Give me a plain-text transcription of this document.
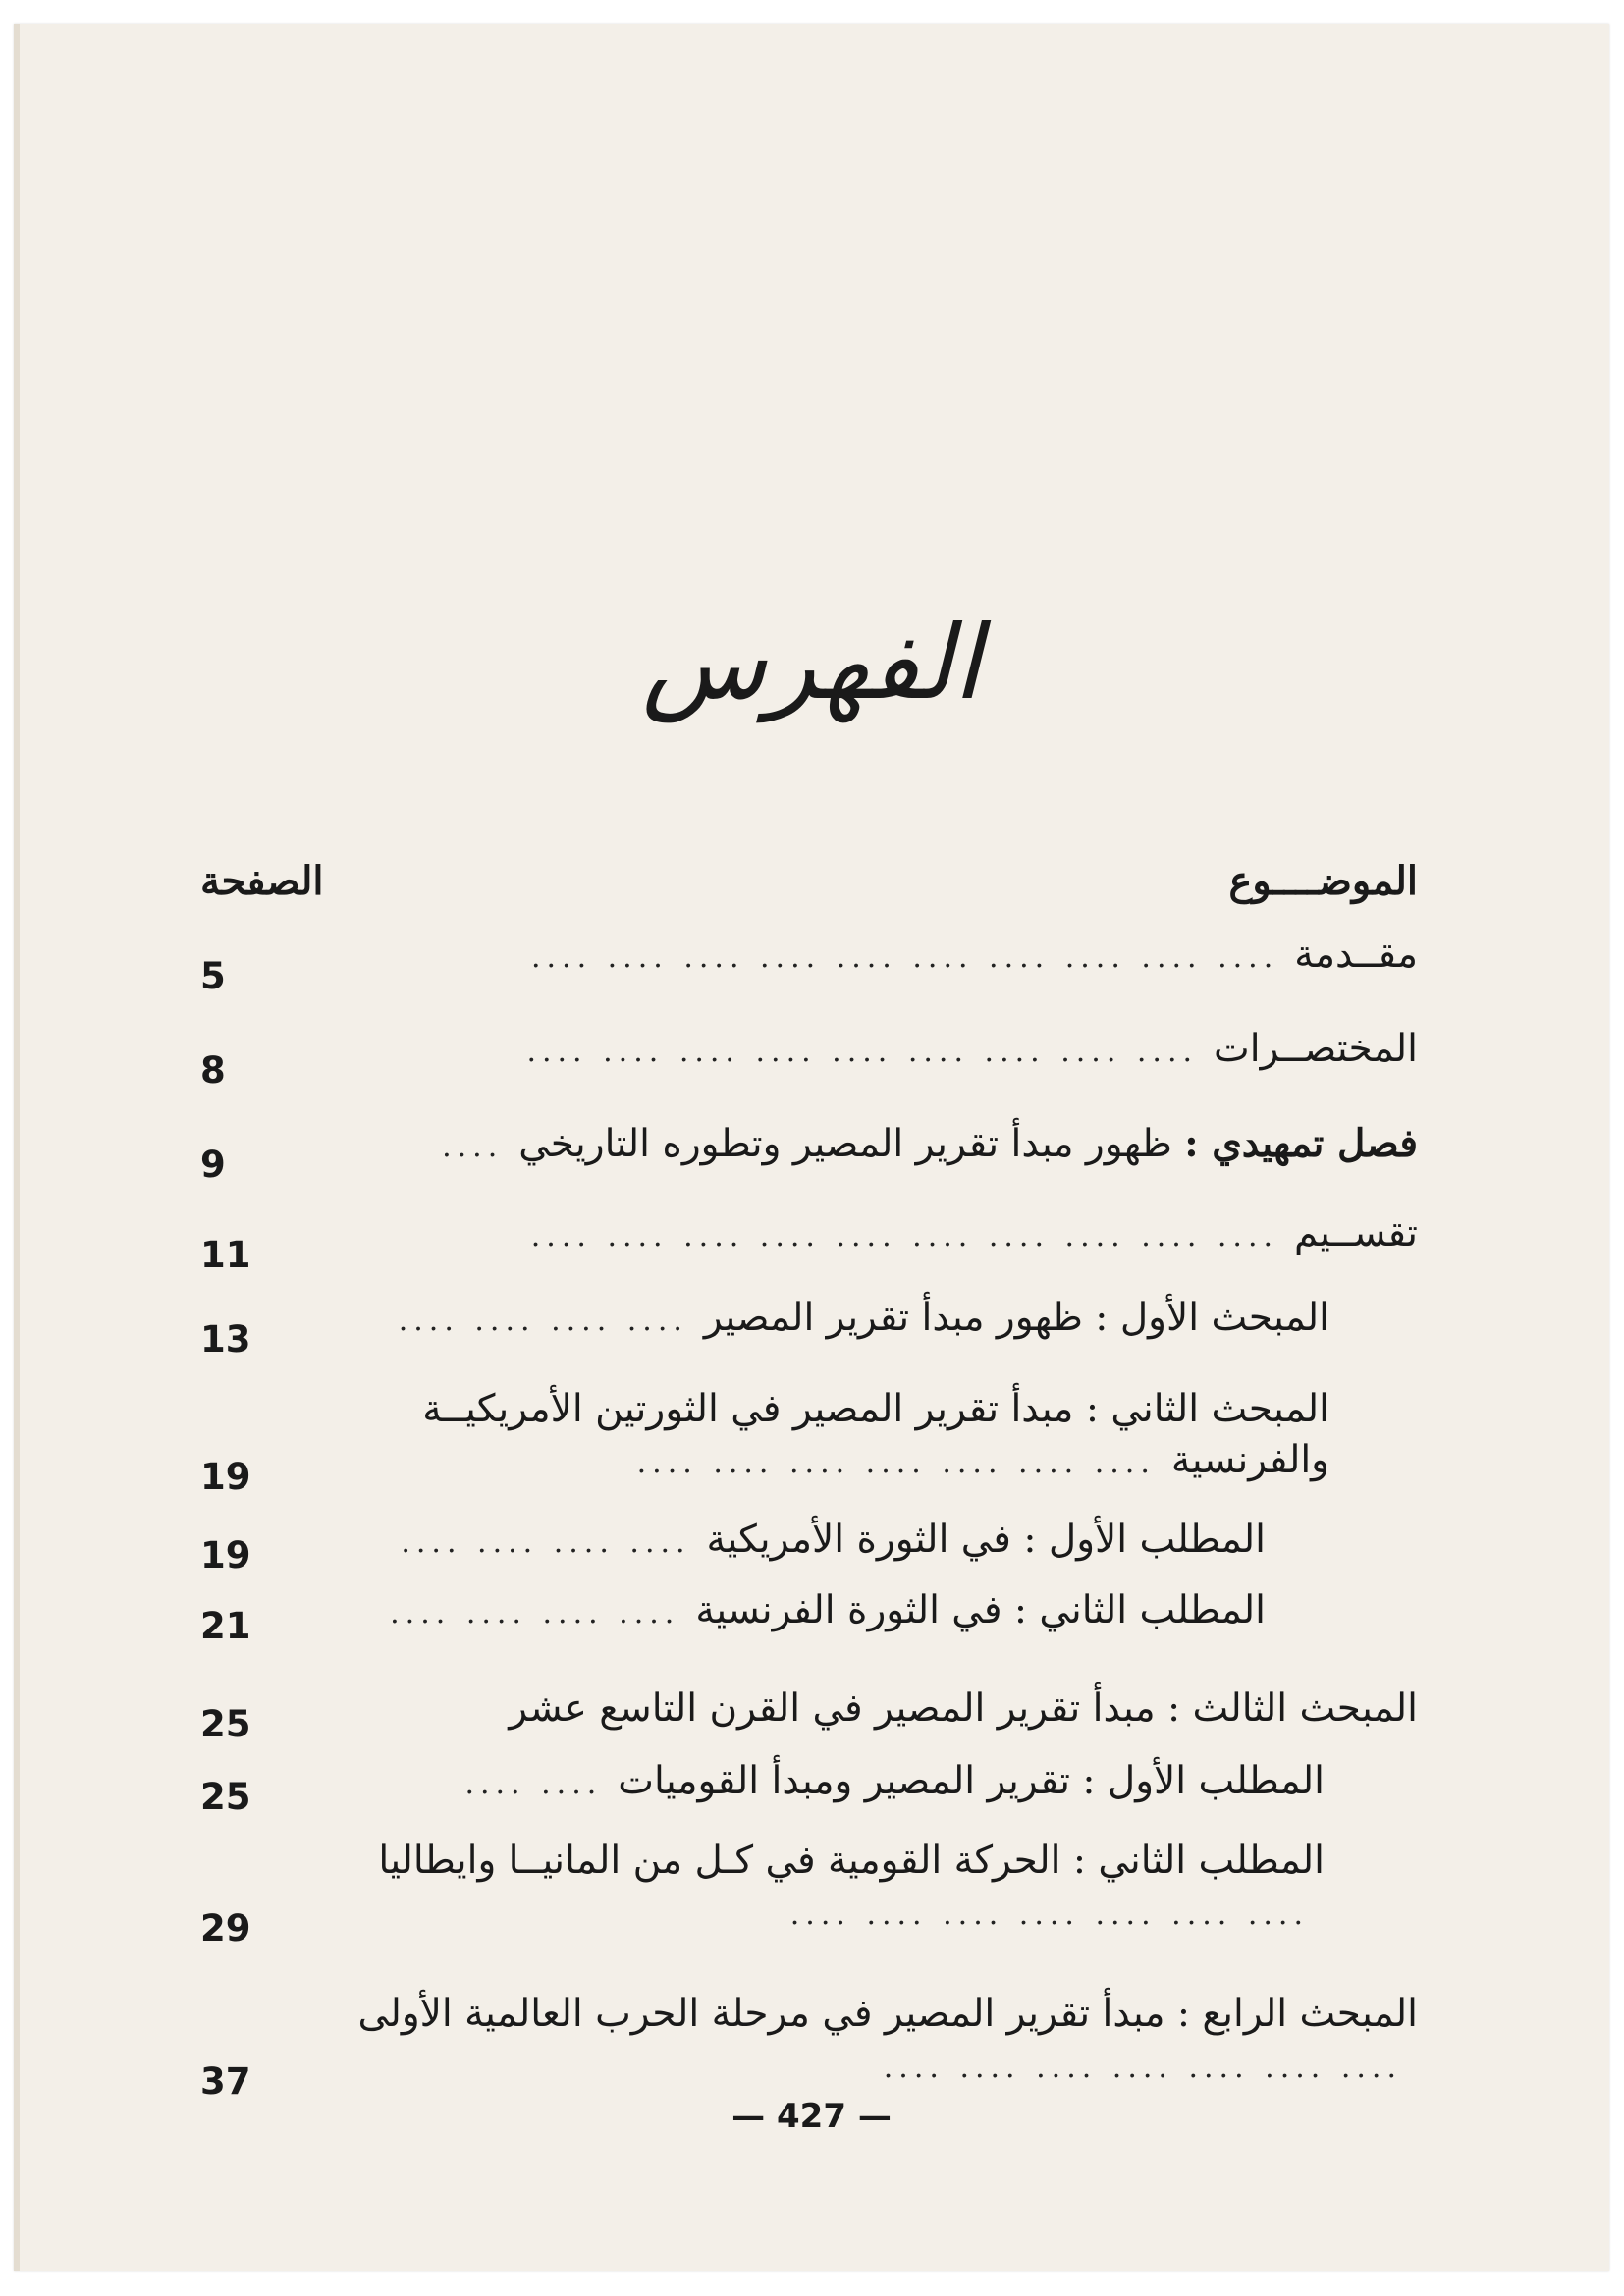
الفهرس
الموضــــوع
الصفحة
مقــدمة.... .... .... .... .... .... .... .... .... ....
5
المختصــرات.... .... .... .... .... .... .... .... ....
8
فصل تمهيدي : ظهور مبدأ تقرير المصير وتطوره التاريخي....
9
تقســيم.... .... .... .... .... .... .... .... .... ....
11
المبحث الأول : ظهور مبدأ تقرير المصير.... .... .... ....
13
المبحث الثاني : مبدأ تقرير المصير في الثورتين الأمريكيــة والفرنسية.... .... .... .... .... .... ....
19
المطلب الأول : في الثورة الأمريكية.... .... .... ....
19
المطلب الثاني : في الثورة الفرنسية.... .... .... ....
21
المبحث الثالث : مبدأ تقرير المصير في القرن التاسع عشر
25
المطلب الأول : تقرير المصير ومبدأ القوميات.... ....
25
المطلب الثاني : الحركة القومية في كـل من المانيــا وايطاليا.... .... .... .... .... .... ....
29
المبحث الرابع : مبدأ تقرير المصير في مرحلة الحرب العالمية الأولى.... .... .... .... .... .... ....
37
— 427 —
